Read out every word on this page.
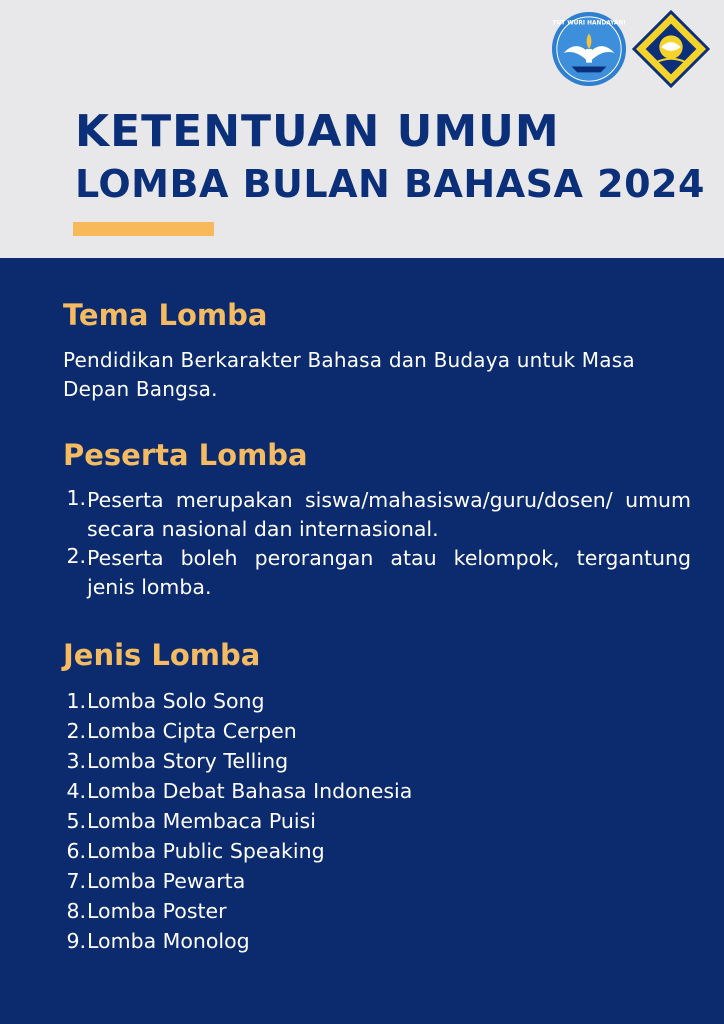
TUT WURI HANDAYANI
KETENTUAN UMUM
LOMBA BULAN BAHASA 2024
Tema Lomba
Pendidikan Berkarakter Bahasa dan Budaya untuk Masa Depan Bangsa.
Peserta Lomba
1. Peserta merupakan siswa/mahasiswa/guru/dosen/ umum secara nasional dan internasional.
2. Peserta boleh perorangan atau kelompok, tergantung jenis lomba.
Jenis Lomba
1. Lomba Solo Song
2. Lomba Cipta Cerpen
3. Lomba Story Telling
4. Lomba Debat Bahasa Indonesia
5. Lomba Membaca Puisi
6. Lomba Public Speaking
7. Lomba Pewarta
8. Lomba Poster
9. Lomba Monolog
